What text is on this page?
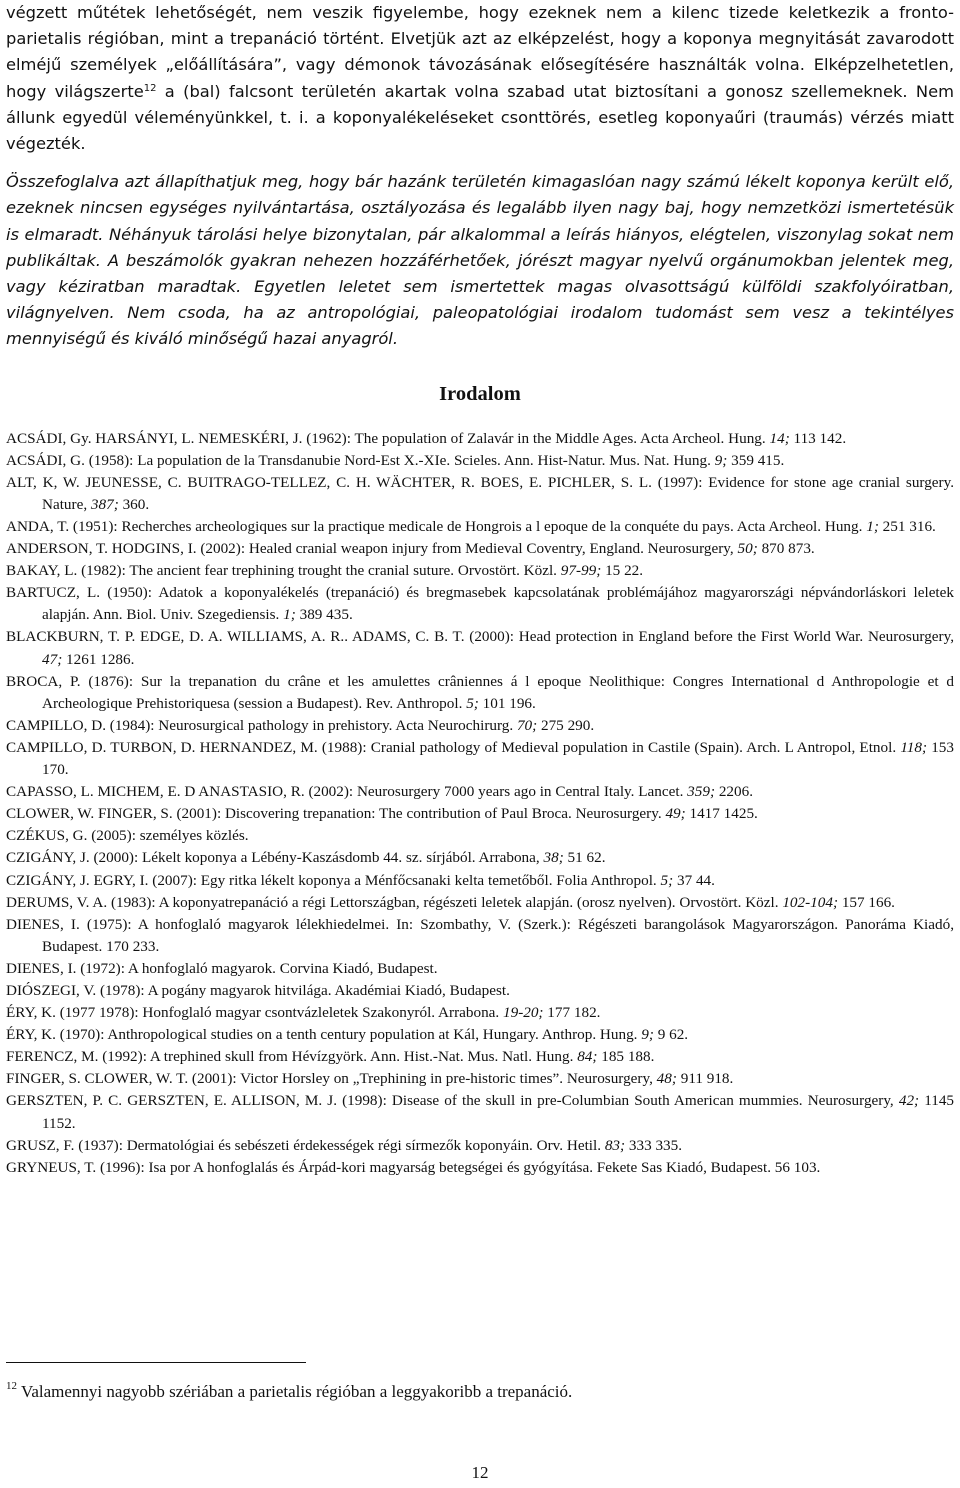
végzett műtétek lehetőségét, nem veszik figyelembe, hogy ezeknek nem a kilenc tizede keletkezik a fronto-parietalis régióban, mint a trepanáció történt. Elvetjük azt az elképzelést, hogy a koponya megnyitását zavarodott elméjű személyek „előállítására”, vagy démonok távozásának elősegítésére használták volna. Elképzelhetetlen, hogy világszerte$^{12}$ a (bal) falcsont területén akartak volna szabad utat biztosítani a gonosz szellemeknek. Nem állunk egyedül véleményünkkel, t. i. a koponyalékeléseket csonttörés, esetleg koponyaűri (traumás) vérzés miatt végezték.

Összefoglalva azt állapíthatjuk meg, hogy bár hazánk területén kimagaslóan nagy számú lékelt koponya került elő, ezeknek nincsen egységes nyilvántartása, osztályozása és legalább ilyen nagy baj, hogy nemzetközi ismertetésük is elmaradt. Néhányuk tárolási helye bizonytalan, pár alkalommal a leírás hiányos, elégtelen, viszonylag sokat nem publikáltak. A beszámolók gyakran nehezen hozzáférhetőek, jórészt magyar nyelvű orgánumokban jelentek meg, vagy kéziratban maradtak. Egyetlen leletet sem ismertettek magas olvasottságú külföldi szakfolyóiratban, világnyelven. Nem csoda, ha az antropológiai, paleopatológiai irodalom tudomást sem vesz a tekintélyes mennyiségű és kiváló minőségű hazai anyagról.

Irodalom

ACSÁDI, Gy. HARSÁNYI, L. NEMESKÉRI, J. (1962): The population of Zalavár in the Middle Ages. Acta Archeol. Hung. 14; 113 142.

ACSÁDI, G. (1958): La population de la Transdanubie Nord-Est X.-XIe. Scieles. Ann. Hist-Natur. Mus. Nat. Hung. 9; 359 415.

ALT, K, W. JEUNESSE, C. BUITRAGO-TELLEZ, C. H. WÄCHTER, R. BOES, E. PICHLER, S. L. (1997): Evidence for stone age cranial surgery. Nature, 387; 360.

ANDA, T. (1951): Recherches archeologiques sur la practique medicale de Hongrois a l epoque de la conquéte du pays. Acta Archeol. Hung. 1; 251 316.

ANDERSON, T. HODGINS, I. (2002): Healed cranial weapon injury from Medieval Coventry, England. Neurosurgery, 50; 870 873.

BAKAY, L. (1982): The ancient fear trephining trought the cranial suture. Orvostört. Közl. 97-99; 15 22.

BARTUCZ, L. (1950): Adatok a koponyalékelés (trepanáció) és bregmasebek kapcsolatának problémájához magyarországi népvándorláskori leletek alapján. Ann. Biol. Univ. Szegediensis. 1; 389 435.

BLACKBURN, T. P. EDGE, D. A. WILLIAMS, A. R.. ADAMS, C. B. T. (2000): Head protection in England before the First World War. Neurosurgery, 47; 1261 1286.

BROCA, P. (1876): Sur la trepanation du crâne et les amulettes crâniennes á l epoque Neolithique: Congres International d Anthropologie et d Archeologique Prehistoriquesa (session a Budapest). Rev. Anthropol. 5; 101 196.

CAMPILLO, D. (1984): Neurosurgical pathology in prehistory. Acta Neurochirurg. 70; 275 290.

CAMPILLO, D. TURBON, D. HERNANDEZ, M. (1988): Cranial pathology of Medieval population in Castile (Spain). Arch. L Antropol, Etnol. 118; 153 170.

CAPASSO, L. MICHEM, E. D ANASTASIO, R. (2002): Neurosurgery 7000 years ago in Central Italy. Lancet. 359; 2206.

CLOWER, W. FINGER, S. (2001): Discovering trepanation: The contribution of Paul Broca. Neurosurgery. 49; 1417 1425.

CZÉKUS, G. (2005): személyes közlés.

CZIGÁNY, J. (2000): Lékelt koponya a Lébény-Kaszásdomb 44. sz. sírjából. Arrabona, 38; 51 62.

CZIGÁNY, J. EGRY, I. (2007): Egy ritka lékelt koponya a Ménfőcsanaki kelta temetőből. Folia Anthropol. 5; 37 44.

DERUMS, V. A. (1983): A koponyatrepanáció a régi Lettországban, régészeti leletek alapján. (orosz nyelven). Orvostört. Közl. 102-104; 157 166.

DIENES, I. (1975): A honfoglaló magyarok lélekhiedelmei. In: Szombathy, V. (Szerk.): Régészeti barangolások Magyarországon. Panoráma Kiadó, Budapest. 170 233.

DIENES, I. (1972): A honfoglaló magyarok. Corvina Kiadó, Budapest.

DIÓSZEGI, V. (1978): A pogány magyarok hitvilága. Akadémiai Kiadó, Budapest.

ÉRY, K. (1977 1978): Honfoglaló magyar csontvázleletek Szakonyról. Arrabona. 19-20; 177 182.

ÉRY, K. (1970): Anthropological studies on a tenth century population at Kál, Hungary. Anthrop. Hung. 9; 9 62.

FERENCZ, M. (1992): A trephined skull from Hévízgyörk. Ann. Hist.-Nat. Mus. Natl. Hung. 84; 185 188.

FINGER, S. CLOWER, W. T. (2001): Victor Horsley on „Trephining in pre-historic times”. Neurosurgery, 48; 911 918.

GERSZTEN, P. C. GERSZTEN, E. ALLISON, M. J. (1998): Disease of the skull in pre-Columbian South American mummies. Neurosurgery, 42; 1145 1152.

GRUSZ, F. (1937): Dermatológiai és sebészeti érdekességek régi sírmezők koponyáin. Orv. Hetil. 83; 333 335.

GRYNEUS, T. (1996): Isa por A honfoglalás és Árpád-kori magyarság betegségei és gyógyítása. Fekete Sas Kiadó, Budapest. 56 103.

$^{12}$ Valamennyi nagyobb szériában a parietalis régióban a leggyakoribb a trepanáció.

12
